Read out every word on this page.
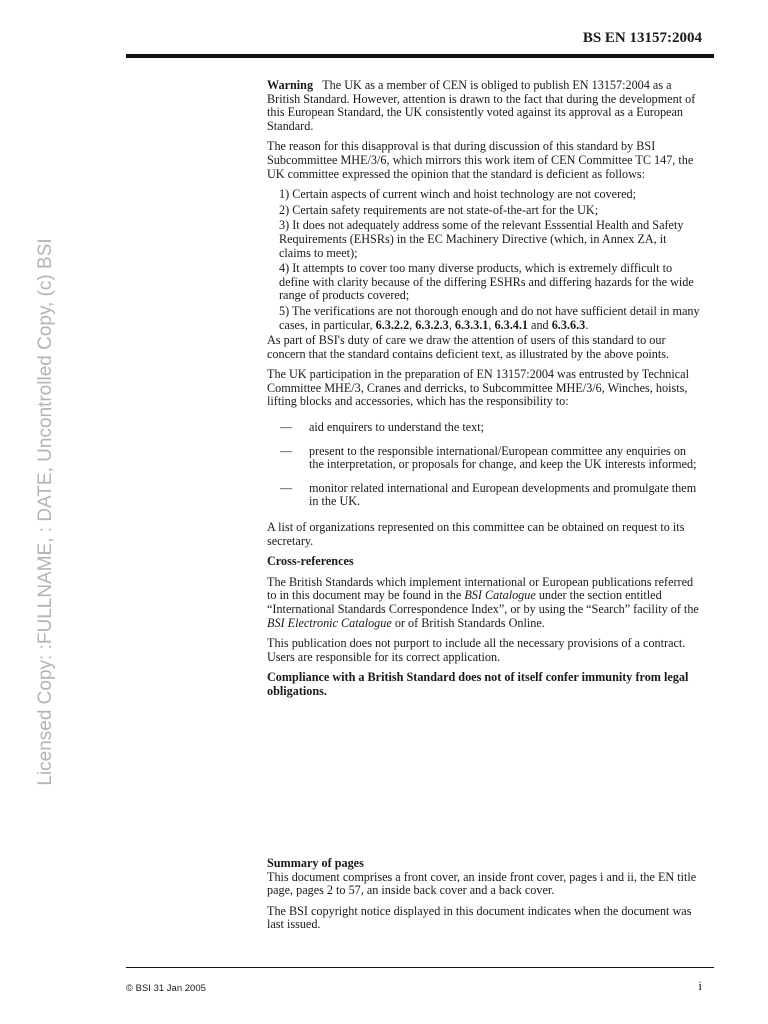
BS EN 13157:2004
Licensed Copy: :FULLNAME, : DATE, Uncontrolled Copy, (c) BSI

Warning The UK as a member of CEN is obliged to publish EN 13157:2004 as a British Standard. However, attention is drawn to the fact that during the development of this European Standard, the UK consistently voted against its approval as a European Standard.

The reason for this disapproval is that during discussion of this standard by BSI Subcommittee MHE/3/6, which mirrors this work item of CEN Committee TC 147, the UK committee expressed the opinion that the standard is deficient as follows:

1) Certain aspects of current winch and hoist technology are not covered;
2) Certain safety requirements are not state-of-the-art for the UK;
3) It does not adequately address some of the relevant Esssential Health and Safety Requirements (EHSRs) in the EC Machinery Directive (which, in Annex ZA, it claims to meet);
4) It attempts to cover too many diverse products, which is extremely difficult to define with clarity because of the differing ESHRs and differing hazards for the wide range of products covered;
5) The verifications are not thorough enough and do not have sufficient detail in many cases, in particular, 6.3.2.2, 6.3.2.3, 6.3.3.1, 6.3.4.1 and 6.3.6.3.

As part of BSI's duty of care we draw the attention of users of this standard to our concern that the standard contains deficient text, as illustrated by the above points.

The UK participation in the preparation of EN 13157:2004 was entrusted by Technical Committee MHE/3, Cranes and derricks, to Subcommittee MHE/3/6, Winches, hoists, lifting blocks and accessories, which has the responsibility to:

—	aid enquirers to understand the text;
—	present to the responsible international/European committee any enquiries on the interpretation, or proposals for change, and keep the UK interests informed;
—	monitor related international and European developments and promulgate them in the UK.

A list of organizations represented on this committee can be obtained on request to its secretary.

Cross-references

The British Standards which implement international or European publications referred to in this document may be found in the BSI Catalogue under the section entitled “International Standards Correspondence Index”, or by using the “Search” facility of the BSI Electronic Catalogue or of British Standards Online.

This publication does not purport to include all the necessary provisions of a contract. Users are responsible for its correct application.

Compliance with a British Standard does not of itself confer immunity from legal obligations.

Summary of pages

This document comprises a front cover, an inside front cover, pages i and ii, the EN title page, pages 2 to 57, an inside back cover and a back cover.

The BSI copyright notice displayed in this document indicates when the document was last issued.

© BSI 31 Jan 2005	i
